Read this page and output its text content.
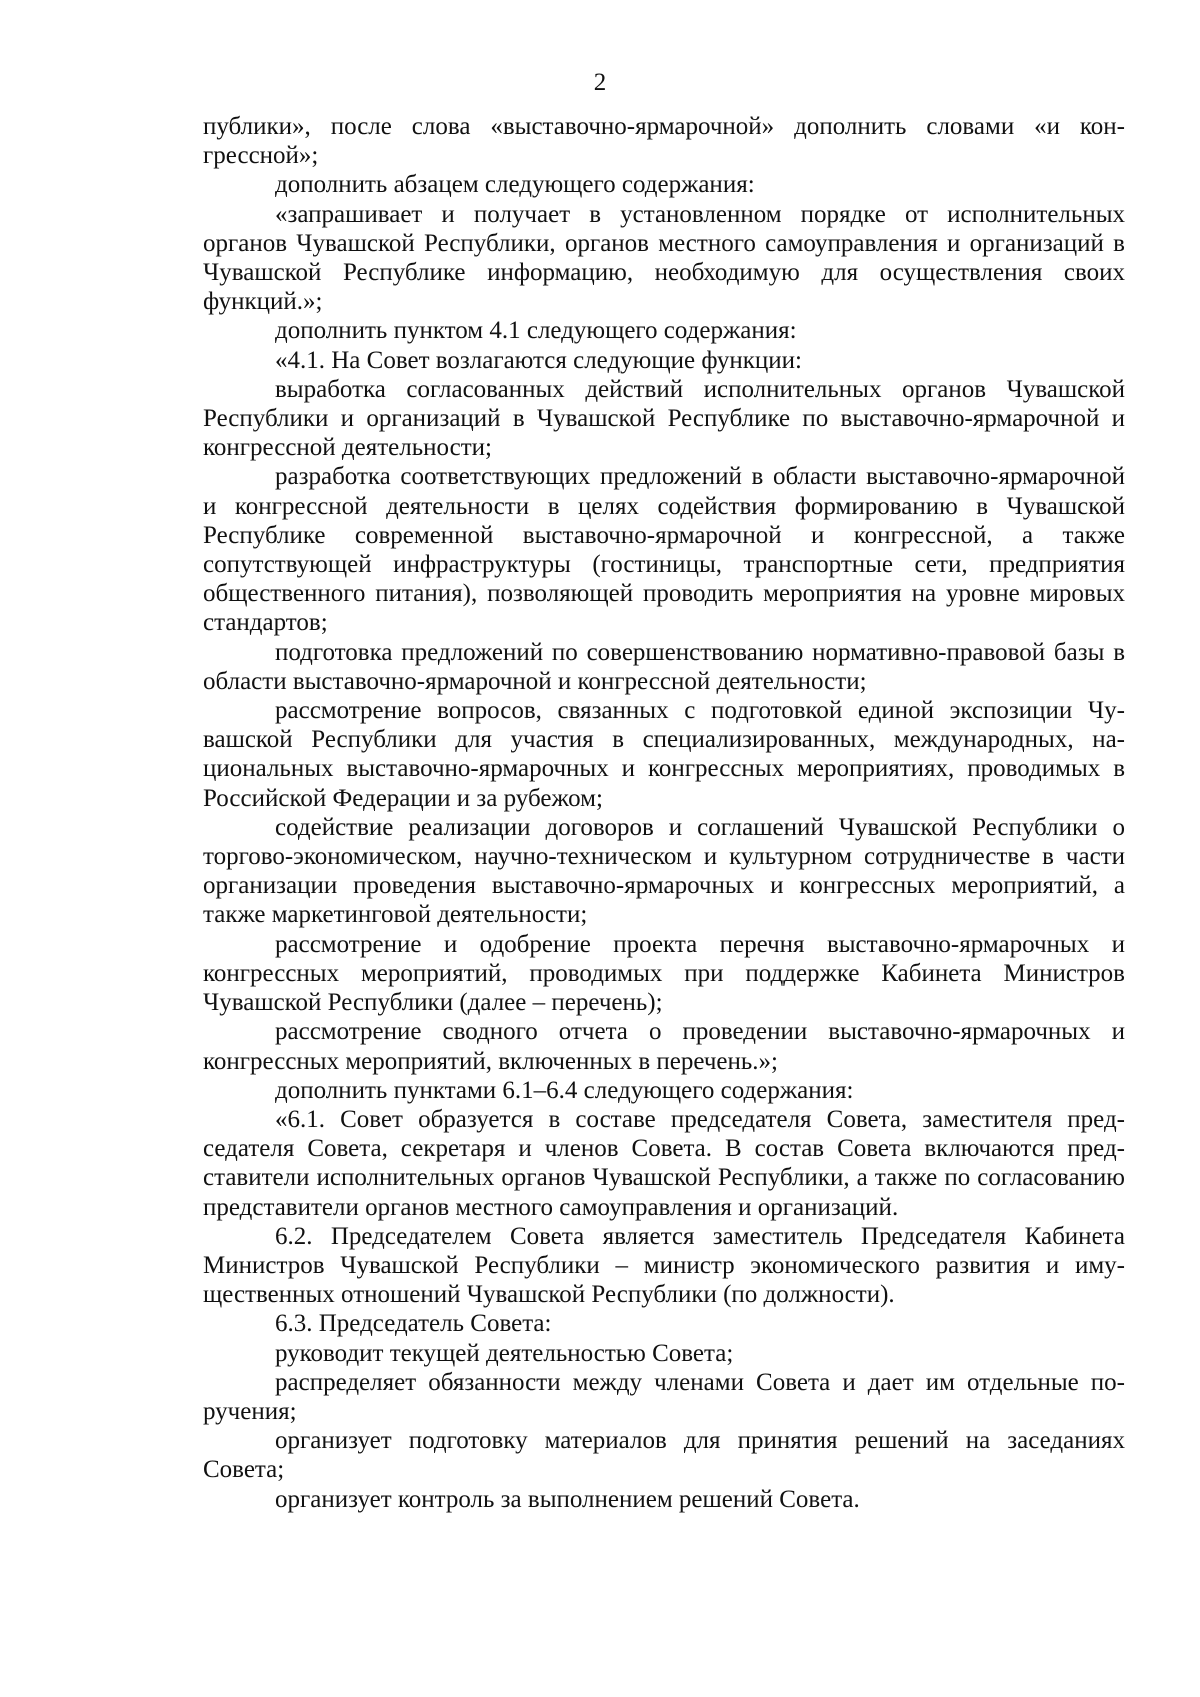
2

публики», после слова «выставочно-ярмарочной» дополнить словами «и конгрессной»;

дополнить абзацем следующего содержания:

«запрашивает и получает в установленном порядке от исполнительных органов Чувашской Республики, органов местного самоуправления и организаций в Чувашской Республике информацию, необходимую для осуществления своих функций.»;

дополнить пунктом 4.1 следующего содержания:

«4.1. На Совет возлагаются следующие функции:

выработка согласованных действий исполнительных органов Чувашской Республики и организаций в Чувашской Республике по выставочно-ярмарочной и конгрессной деятельности;

разработка соответствующих предложений в области выставочно-ярмарочной и конгрессной деятельности в целях содействия формированию в Чувашской Республике современной выставочно-ярмарочной и конгрессной, а также сопутствующей инфраструктуры (гостиницы, транспортные сети, предприятия общественного питания), позволяющей проводить мероприятия на уровне мировых стандартов;

подготовка предложений по совершенствованию нормативно-правовой базы в области выставочно-ярмарочной и конгрессной деятельности;

рассмотрение вопросов, связанных с подготовкой единой экспозиции Чувашской Республики для участия в специализированных, международных, национальных выставочно-ярмарочных и конгрессных мероприятиях, проводимых в Российской Федерации и за рубежом;

содействие реализации договоров и соглашений Чувашской Республики о торгово-экономическом, научно-техническом и культурном сотрудничестве в части организации проведения выставочно-ярмарочных и конгрессных мероприятий, а также маркетинговой деятельности;

рассмотрение и одобрение проекта перечня выставочно-ярмарочных и конгрессных мероприятий, проводимых при поддержке Кабинета Министров Чувашской Республики (далее – перечень);

рассмотрение сводного отчета о проведении выставочно-ярмарочных и конгрессных мероприятий, включенных в перечень.»;

дополнить пунктами 6.1–6.4 следующего содержания:

«6.1. Совет образуется в составе председателя Совета, заместителя председателя Совета, секретаря и членов Совета. В состав Совета включаются представители исполнительных органов Чувашской Республики, а также по согласованию представители органов местного самоуправления и организаций.

6.2. Председателем Совета является заместитель Председателя Кабинета Министров Чувашской Республики – министр экономического развития и имущественных отношений Чувашской Республики (по должности).

6.3. Председатель Совета:

руководит текущей деятельностью Совета;

распределяет обязанности между членами Совета и дает им отдельные поручения;

организует подготовку материалов для принятия решений на заседаниях Совета;

организует контроль за выполнением решений Совета.
